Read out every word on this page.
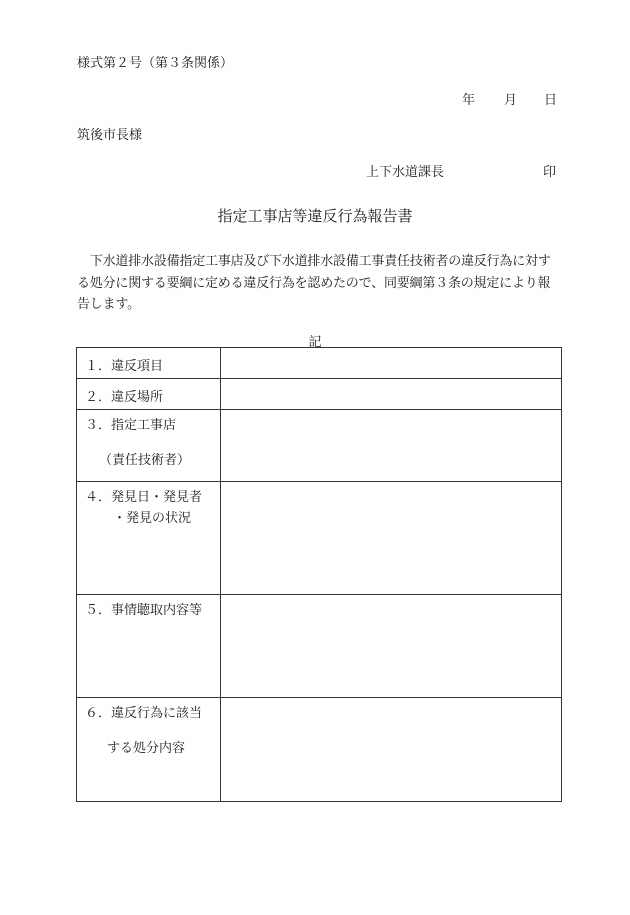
様式第２号（第３条関係）
年 月 日
筑後市長様
上下水道課長	印
指定工事店等違反行為報告書
　下水道排水設備指定工事店及び下水道排水設備工事責任技術者の違反行為に対する処分に関する要綱に定める違反行為を認めたので、同要綱第３条の規定により報告します。
記
１．違反項目	

２．違反場所	

３．指定工事店
（責任技術者）	

４．発見日・発見者
・発見の状況	

５．事情聴取内容等	

６．違反行為に該当
する処分内容	
